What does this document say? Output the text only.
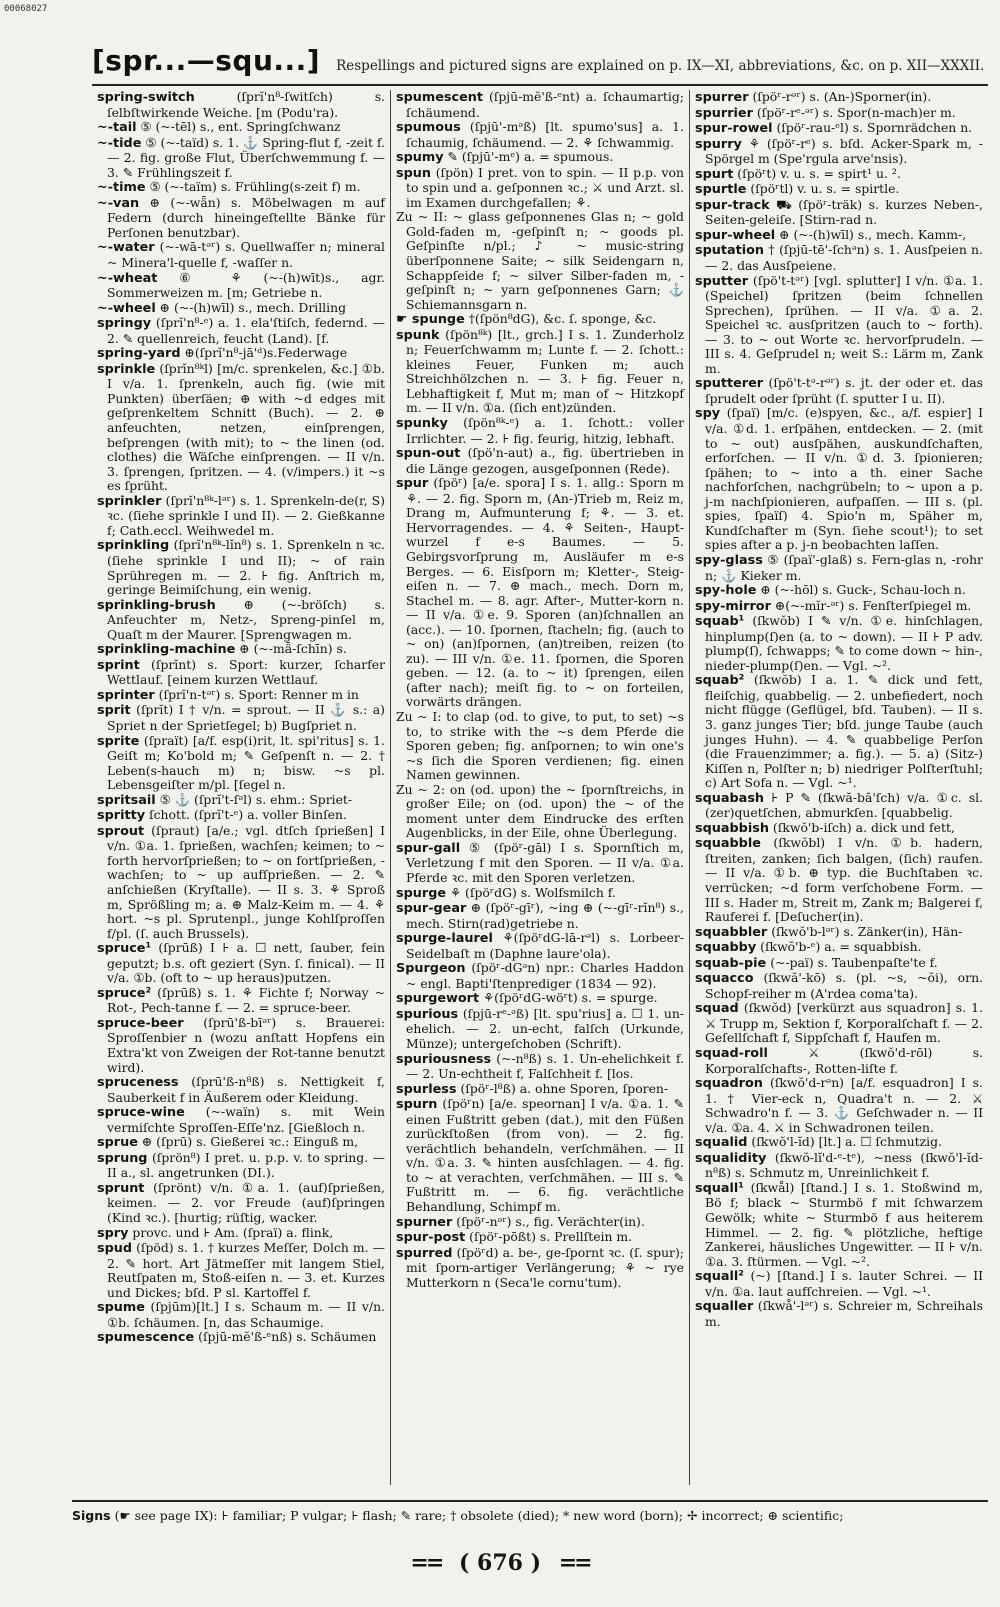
00068027
[spr...—squ...] Respellings and pictured signs are explained on p. IX—XI, abbreviations, &c. on p. XII—XXXII.

spring-switch	(ſprĭ'n⁸-ſwitſch) s. ſelbſtwirkende Weiche. [m (Podu'ra).

~-tail ⑤ (~-tēl) s., ent. Springſchwanz

~-tide ⑤ (~-taïd) s. 1. ⚓ Spring-flut f, -zeit f. — 2. fig. große Flut, Überſchwemmung f. — 3. ✎ Frühlingszeit f.

~-time ⑤ (~-taïm) s. Frühling(s-zeit f) m.

~-van ⊕ (~-wǟn) s. Möbelwagen m auf Federn (durch hineingeſtellte Bänke für Perſonen benutzbar).

~-water (~-wā-tᵊʳ) s. Quellwaſſer n; mineral ~ Minera'l-quelle f, -waſſer n.

~-wheat ⑥ ⚘ (~-(h)wīt)s., agr. Sommerweizen m. [m; Getriebe n.

~-wheel ⊕ (~-(h)wīl) s., mech. Drilling

springy (ſprĭ'n⁸-ᵉ) a. 1. ela'ſtiſch, federnd. — 2. ✎ quellenreich, feucht (Land). [f.

spring-yard ⊕(ſprĭ'n⁸-jā'ᵈ)s.Federwage

sprinkle (ſprĭn⁸ᵏl) [m/c. sprenkelen, &c.] ①b. I v/a. 1. ſprenkeln, auch fig. (wie mit Punkten) überſäen; ⊕ with ~d edges mit geſprenkeltem Schnitt (Buch). — 2. ⊕ anfeuchten, netzen, einſprengen, beſprengen (with mit); to ~ the linen (od. clothes) die Wäſche einſprengen. — II v/n. 3. ſprengen, ſpritzen. — 4. (v/impers.) it ~s es ſprüht.

sprinkler (ſprĭ'n⁸ᵏ-lᵊʳ) s. 1. Sprenkeln-de(r, S) ꝛc. (ſiehe sprinkle I und II). — 2. Gießkanne f; Cath.eccl. Weihwedel m.

sprinkling (ſprĭ'n⁸ᵏ-lĭn⁸) s. 1. Sprenkeln n ꝛc. (ſiehe sprinkle I und II); ~ of rain Sprühregen m. — 2. ⊦ fig. Anſtrich m, geringe Beimiſchung, ein wenig.

sprinkling-brush ⊕ (~-bröſch) s. Anfeuchter m, Netz-, Spreng-pinſel m, Quaſt m der Maurer. [Sprengwagen m.

sprinkling-machine ⊕ (~-mǟ-ſchīn) s.

sprint (ſprĭnt) s. Sport: kurzer, ſcharfer Wettlauf. [einem kurzen Wettlauf.

sprinter (ſprĭ'n-tᵊʳ) s. Sport: Renner m in

sprit (ſprĭt) I † v/n. = sprout. — II ⚓ s.: a) Spriet n der Sprietſegel; b) Bugſpriet n.

sprite (ſpraït) [a/f. esp(i)rit, lt. spi'ritus] s. 1. Geiſt m; Ko'bold m; ✎ Geſpenſt n. — 2. † Leben(s-hauch m) n; bisw. ~s pl. Lebensgeiſter m/pl. [ſegel n.

spritsail ⑤ ⚓ (ſprĭ't-ſᵊl) s. ehm.: Spriet-

spritty ſchott. (ſprĭ't-ᵉ) a. voller Binſen.

sprout (ſpraut) [a/e.; vgl. dtſch ſprießen] I v/n. ①a. 1. ſprießen, wachſen; keimen; to ~ forth hervorſprießen; to ~ on fortſprießen, -wachſen; to ~ up aufſprießen. — 2. ✎ anſchießen (Kryſtalle). — II s. 3. ⚘ Sproß m, Sprößling m; a. ⊕ Malz-Keim m. — 4. ⚘ hort. ~s pl. Sprutenpl., junge Kohlſproſſen f/pl. (ſ. auch Brussels).

spruce¹ (ſprūß) I ⊦ a. ☐ nett, ſauber, fein geputzt; b.s. oft geziert (Syn. ſ. finical). — II v/a. ①b. (oft to ~ up heraus)putzen.

spruce² (ſprūß) s. 1. ⚘ Fichte f; Norway ~ Rot-, Pech-tanne f. — 2. = spruce-beer.

spruce-beer (ſprū'ß-bīᵊʳ) s. Brauerei: Sproſſenbier n (wozu anſtatt Hopfens ein Extra'kt von Zweigen der Rot-tanne benutzt wird).

spruceness (ſprū'ß-n⁸ß) s. Nettigkeit f, Sauberkeit f in Äußerem oder Kleidung.

spruce-wine (~-waïn) s. mit Wein vermiſchte Sproſſen-Eſſe'nz. [Gießloch n.

sprue ⊕ (ſprū) s. Gießerei ꝛc.: Einguß m,

sprung (ſprön⁸) I pret. u. p.p. v. to spring. — II a., sl. angetrunken (DI.).

sprunt (ſprönt) v/n. ①a. 1. (auf)ſprießen, keimen. — 2. vor Freude (auf)ſpringen (Kind ꝛc.). [hurtig; rüſtig, wacker.

spry provc. und ⊦ Am. (ſpraï) a. flink,

spud (ſpöd) s. 1. † kurzes Meſſer, Dolch m. — 2. ✎ hort. Art Jätmeſſer mit langem Stiel, Reutſpaten m, Stoß-eiſen n. — 3. et. Kurzes und Dickes; bſd. P sl. Kartoffel f.

spume (ſpjūm)[lt.] I s. Schaum m. — II v/n. ①b. ſchäumen. [n, das Schaumige.

spumescence (ſpjū-mĕ'ß-ᵉnß) s. Schäumen

spumescent (ſpjū-mĕ'ß-ᵉnt) a. ſchaumartig; ſchäumend.

spumous (ſpjū'-mᵊß) [lt. spumo'sus] a. 1. ſchaumig, ſchäumend. — 2. ⚘ ſchwammig.

spumy ✎ (ſpjū'-mᵉ) a. = spumous.

spun (ſpön) I pret. von to spin. — II p.p. von to spin und a. geſponnen ꝛc.; ⚔ und Arzt. sl. im Examen durchgefallen; ⚘.

Zu ~ II: ~ glass geſponnenes Glas n; ~ gold Gold-faden m, -geſpinſt n; ~ goods pl. Geſpinſte n/pl.; ♪ ~ music-string überſponnene Saite; ~ silk Seidengarn n, Schappſeide f; ~ silver Silber-faden m, -geſpinſt n; ~ yarn geſponnenes Garn; ⚓ Schiemannsgarn n.

☛ spunge †(ſpön⁸dG), &c. ſ. sponge, &c.

spunk (ſpön⁸ᵏ) [lt., grch.] I s. 1. Zunderholz n; Feuerſchwamm m; Lunte f. — 2. ſchott.: kleines Feuer, Funken m; auch Streichhölzchen n. — 3. ⊦ fig. Feuer n, Lebhaftigkeit f, Mut m; man of ~ Hitzkopf m. — II v/n. ①a. (ſich ent)zünden.

spunky (ſpön⁸ᵏ-ᵉ) a. 1. ſchott.: voller Irrlichter. — 2. ⊦ fig. feurig, hitzig, lebhaft.

spun-out (ſpö'n-aut) a., fig. übertrieben in die Länge gezogen, ausgeſponnen (Rede).

spur (ſpöʳ) [a/e. spora] I s. 1. allg.: Sporn m ⚘. — 2. fig. Sporn m, (An-)Trieb m, Reiz m, Drang m, Aufmunterung f; ⚘. — 3. et. Hervorragendes. — 4. ⚘ Seiten-, Haupt-wurzel f e-s Baumes. — 5. Gebirgsvorſprung m, Ausläufer m e-s Berges. — 6. Eisſporn m; Kletter-, Steig-eiſen n. — 7. ⊕ mach., mech. Dorn m, Stachel m. — 8. agr. After-, Mutter-korn n. — II v/a. ①e. 9. Sporen (an)ſchnallen an (acc.). — 10. ſpornen, ſtacheln; fig. (auch to ~ on) (an)ſpornen, (an)treiben, reizen (to zu). — III v/n. ①e. 11. ſpornen, die Sporen geben. — 12. (a. to ~ it) ſprengen, eilen (after nach); meiſt fig. to ~ on forteilen, vorwärts drängen.

Zu ~ I: to clap (od. to give, to put, to set) ~s to, to strike with the ~s dem Pferde die Sporen geben; fig. anſpornen; to win one's ~s ſich die Sporen verdienen; fig. einen Namen gewinnen.

Zu ~ 2: on (od. upon) the ~ ſpornſtreichs, in großer Eile; on (od. upon) the ~ of the moment unter dem Eindrucke des erſten Augenblicks, in der Eile, ohne Überlegung.

spur-gall ⑤ (ſpöʳ-gāl) I s. Spornſtich m, Verletzung f mit den Sporen. — II v/a. ①a. Pferde ꝛc. mit den Sporen verletzen.

spurge ⚘ (ſpöʳdG) s. Wolfsmilch f.

spur-gear ⊕ (ſpöʳ-gīʳ), ~ing ⊕ (~-gīʳ-rĭn⁸) s., mech. Stirn(rad)getriebe n.

spurge-laurel ⚘(ſpöʳdG-lā-rᵊl) s. Lorbeer-Seidelbaſt m (Daphne laure'ola).

Spurgeon (ſpöʳ-dGᵊn) npr.: Charles Haddon ~ engl. Bapti'ſtenprediger (1834 — 92).

spurgewort ⚘(ſpöʳdG-wöʳt) s. = spurge.

spurious (ſpjū-rᵉ-ᵊß) [lt. spu'rius] a. ☐ 1. un-ehelich. — 2. un-echt, falſch (Urkunde, Münze); untergeſchoben (Schrift).

spuriousness (~-n⁸ß) s. 1. Un-ehelichkeit f. — 2. Un-echtheit f, Falſchheit f. [los.

spurless (ſpöʳ-l⁸ß) a. ohne Sporen, ſporen-

spurn (ſpöʳn) [a/e. speornan] I v/a. ①a. 1. ✎ einen Fußtritt geben (dat.), mit den Füßen zurückſtoßen (from von). — 2. fig. verächtlich behandeln, verſchmähen. — II v/n. ①a. 3. ✎ hinten ausſchlagen. — 4. fig. to ~ at verachten, verſchmähen. — III s. ✎ Fußtritt m. — 6. fig. verächtliche Behandlung, Schimpf m.

spurner (ſpöʳ-nᵊʳ) s., fig. Verächter(in).

spur-post (ſpöʳ-pōßt) s. Prellſtein m.

spurred (ſpöʳd) a. be-, ge-ſpornt ꝛc. (ſ. spur); mit ſporn-artiger Verlängerung; ⚘ ~ rye Mutterkorn n (Seca'le cornu'tum).

spurrer (ſpöʳ-rᵊʳ) s. (An-)Sporner(in).

spurrier (ſpöʳ-rᵉ-ᵊʳ) s. Spor(n-mach)er m.

spur-rowel (ſpöʳ-rau-ᵉl) s. Spornrädchen n.

spurry ⚘ (ſpöʳ-rᵉ) s. bſd. Acker-Spark m, -Spörgel m (Spe'rgula arve'nsis).

spurt (ſpöʳt) v. u. s. = spirt¹ u. ².

spurtle (ſpöʳtl) v. u. s. = spirtle.

spur-track ⛟ (ſpöʳ-träk) s. kurzes Neben-, Seiten-geleiſe. [Stirn-rad n.

spur-wheel ⊕ (~-(h)wīl) s., mech. Kamm-,

sputation † (ſpjū-tē'-ſchᵊn) s. 1. Ausſpeien n. — 2. das Ausſpeiene.

sputter (ſpö't-tᵊʳ) [vgl. splutter] I v/n. ①a. 1. (Speichel) ſpritzen (beim ſchnellen Sprechen), ſprühen. — II v/a. ①a. 2. Speichel ꝛc. ausſpritzen (auch to ~ forth). — 3. to ~ out Worte ꝛc. hervorſprudeln. — III s. 4. Geſprudel n; weit S.: Lärm m, Zank m.

sputterer (ſpö't-tᵊ-rᵊʳ) s. jt. der oder et. das ſprudelt oder ſprüht (ſ. sputter I u. II).

spy (ſpaï) [m/c. (e)spyen, &c., a/f. espier] I v/a. ①d. 1. erſpähen, entdecken. — 2. (mit to ~ out) ausſpähen, auskundſchaften, erforſchen. — II v/n. ①d. 3. ſpionieren; ſpähen; to ~ into a th. einer Sache nachforſchen, nachgrübeln; to ~ upon a p. j-m nachſpionieren, aufpaſſen. — III s. (pl. spies, ſpaïſ) 4. Spio'n m, Späher m, Kundſchafter m (Syn. ſiehe scout¹); to set spies after a p. j-n beobachten laſſen.

spy-glass ⑤ (ſpaï'-glaß) s. Fern-glas n, -rohr n; ⚓ Kieker m.

spy-hole ⊕ (~-hōl) s. Guck-, Schau-loch n.

spy-mirror ⊕(~-mĭr-ᵊʳ) s. Fenſterſpiegel m.

squab¹ (ſkwŏb) I ✎ v/n. ①e. hinſchlagen, hinplump(ſ)en (a. to ~ down). — II ⊦ P adv. plump(ſ), ſchwapps; ✎ to come down ~ hin-, nieder-plump(ſ)en. — Vgl. ~².

squab² (ſkwŏb) I a. 1. ✎ dick und fett, fleiſchig, quabbelig. — 2. unbefiedert, noch nicht flügge (Geflügel, bſd. Tauben). — II s. 3. ganz junges Tier; bſd. junge Taube (auch junges Huhn). — 4. ✎ quabbelige Perſon (die Frauenzimmer; a. fig.). — 5. a) (Sitz-) Kiſſen n, Polſter n; b) niedriger Polſterſtuhl; c) Art Sofa n. — Vgl. ~¹.

squabash ⊦ P ✎ (ſkwă-bă'ſch) v/a. ①c. sl. (zer)quetſchen, abmurkſen. [quabbelig.

squabbish (ſkwŏ'b-iſch) a. dick und fett,

squabble (ſkwŏbl) I v/n. ①b. hadern, ſtreiten, zanken; ſich balgen, (ſich) raufen. — II v/a. ①b. ⊕ typ. die Buchſtaben ꝛc. verrücken; ~d form verſchobene Form. — III s. Hader m, Streit m, Zank m; Balgerei f, Rauferei f. [Deſucher(in).

squabbler (ſkwŏ'b-lᵊʳ) s. Zänker(in), Hän-

squabby (ſkwŏ'b-ᵉ) a. = squabbish.

squab-pie (~-paï) s. Taubenpaſte'te f.

squacco (ſkwă'-kō) s. (pl. ~s, ~ŏi), orn. Schopf-reiher m (A'rdea coma'ta).

squad (ſkwŏd) [verkürzt aus squadron] s. 1. ⚔ Trupp m, Sektion f, Korporalſchaft f. — 2. Geſellſchaft f, Sippſchaft f, Haufen m.

squad-roll	⚔ (ſkwŏ'd-rōl) s. Korporalſchafts-, Rotten-liſte f.

squadron (ſkwŏ'd-rᵊn) [a/f. esquadron] I s. 1. † Vier-eck n, Quadra't n. — 2. ⚔ Schwadro'n f. — 3. ⚓ Geſchwader n. — II v/a. ①a. 4. ⚔ in Schwadronen teilen.

squalid (ſkwŏ'l-ĭd) [lt.] a. ☐ ſchmutzig.

squalidity (ſkwŏ-lĭ'd-ᵉ-tᵉ), ~ness (ſkwŏ'l-ĭd-n⁸ß) s. Schmutz m, Unreinlichkeit f.

squall¹ (ſkwål) [ſtand.] I s. 1. Stoßwind m, Bö f; black ~ Sturmbö f mit ſchwarzem Gewölk; white ~ Sturmbö f aus heiterem Himmel. — 2. fig. ✎ plötzliche, heftige Zankerei, häusliches Ungewitter. — II ⊦ v/n. ①a. 3. ſtürmen. — Vgl. ~².

squall² (~) [ſtand.] I s. lauter Schrei. — II v/n. ①a. laut aufſchreien. — Vgl. ~¹.

squaller (ſkwå'-lᵊʳ) s. Schreier m, Schreihals m.

Signs (☛ see page IX): ⊦ familiar; P vulgar; ⊦ flash; ✎ rare; † obsolete (died); * new word (born); ✢ incorrect; ⊕ scientific;
== ( 676 ) ==
